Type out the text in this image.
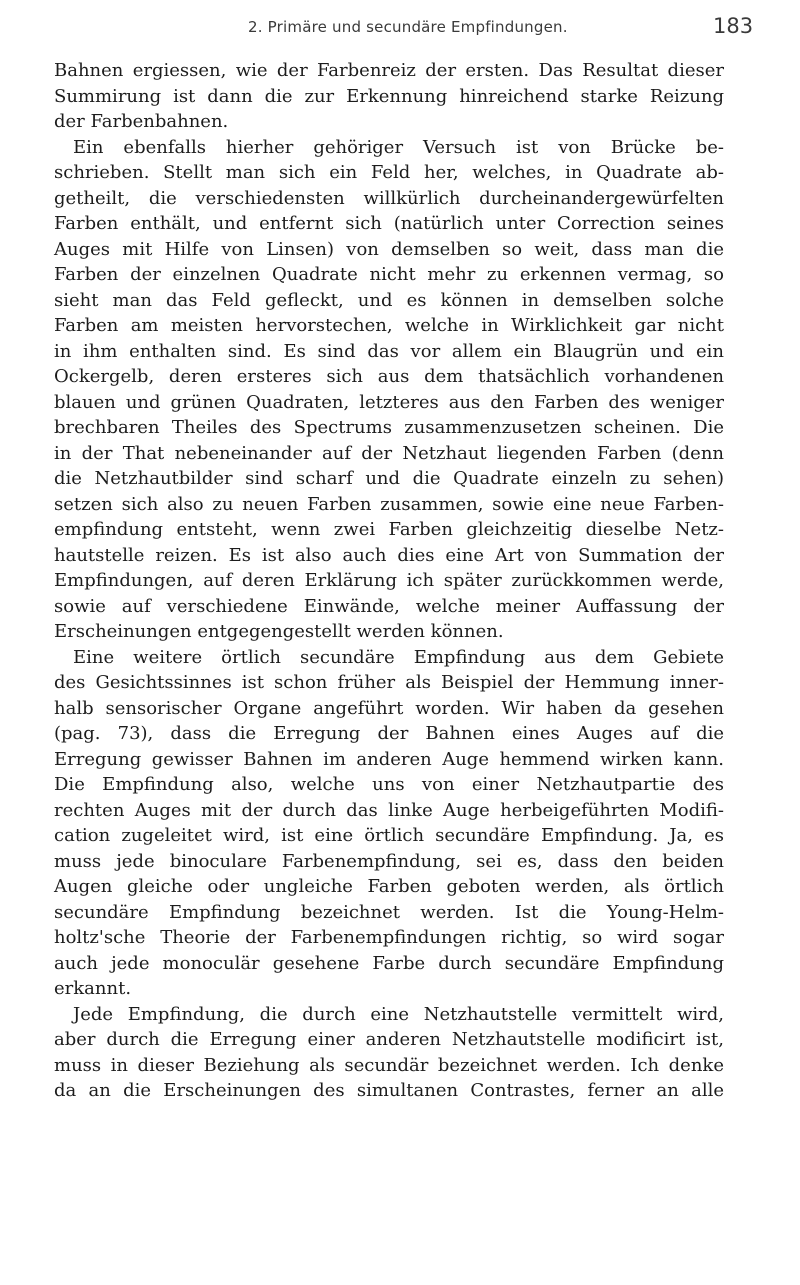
2. Primäre und secundäre Empfindungen.	183
Bahnen ergiessen, wie der Farbenreiz der ersten. Das Resultat dieser
Summirung ist dann die zur Erkennung hinreichend starke Reizung
der Farbenbahnen.
Ein ebenfalls hierher gehöriger Versuch ist von Brücke be-
schrieben. Stellt man sich ein Feld her, welches, in Quadrate ab-
getheilt, die verschiedensten willkürlich durcheinandergewürfelten
Farben enthält, und entfernt sich (natürlich unter Correction seines
Auges mit Hilfe von Linsen) von demselben so weit, dass man die
Farben der einzelnen Quadrate nicht mehr zu erkennen vermag, so
sieht man das Feld gefleckt, und es können in demselben solche
Farben am meisten hervorstechen, welche in Wirklichkeit gar nicht
in ihm enthalten sind. Es sind das vor allem ein Blaugrün und ein
Ockergelb, deren ersteres sich aus dem thatsächlich vorhandenen
blauen und grünen Quadraten, letzteres aus den Farben des weniger
brechbaren Theiles des Spectrums zusammenzusetzen scheinen. Die
in der That nebeneinander auf der Netzhaut liegenden Farben (denn
die Netzhautbilder sind scharf und die Quadrate einzeln zu sehen)
setzen sich also zu neuen Farben zusammen, sowie eine neue Farben-
empfindung entsteht, wenn zwei Farben gleichzeitig dieselbe Netz-
hautstelle reizen. Es ist also auch dies eine Art von Summation der
Empfindungen, auf deren Erklärung ich später zurückkommen werde,
sowie auf verschiedene Einwände, welche meiner Auffassung der
Erscheinungen entgegengestellt werden können.
Eine weitere örtlich secundäre Empfindung aus dem Gebiete
des Gesichtssinnes ist schon früher als Beispiel der Hemmung inner-
halb sensorischer Organe angeführt worden. Wir haben da gesehen
(pag. 73), dass die Erregung der Bahnen eines Auges auf die
Erregung gewisser Bahnen im anderen Auge hemmend wirken kann.
Die Empfindung also, welche uns von einer Netzhautpartie des
rechten Auges mit der durch das linke Auge herbeigeführten Modifi-
cation zugeleitet wird, ist eine örtlich secundäre Empfindung. Ja, es
muss jede binoculare Farbenempfindung, sei es, dass den beiden
Augen gleiche oder ungleiche Farben geboten werden, als örtlich
secundäre Empfindung bezeichnet werden. Ist die Young-Helm-
holtz'sche Theorie der Farbenempfindungen richtig, so wird sogar
auch jede monoculär gesehene Farbe durch secundäre Empfindung
erkannt.
Jede Empfindung, die durch eine Netzhautstelle vermittelt wird,
aber durch die Erregung einer anderen Netzhautstelle modificirt ist,
muss in dieser Beziehung als secundär bezeichnet werden. Ich denke
da an die Erscheinungen des simultanen Contrastes, ferner an alle
